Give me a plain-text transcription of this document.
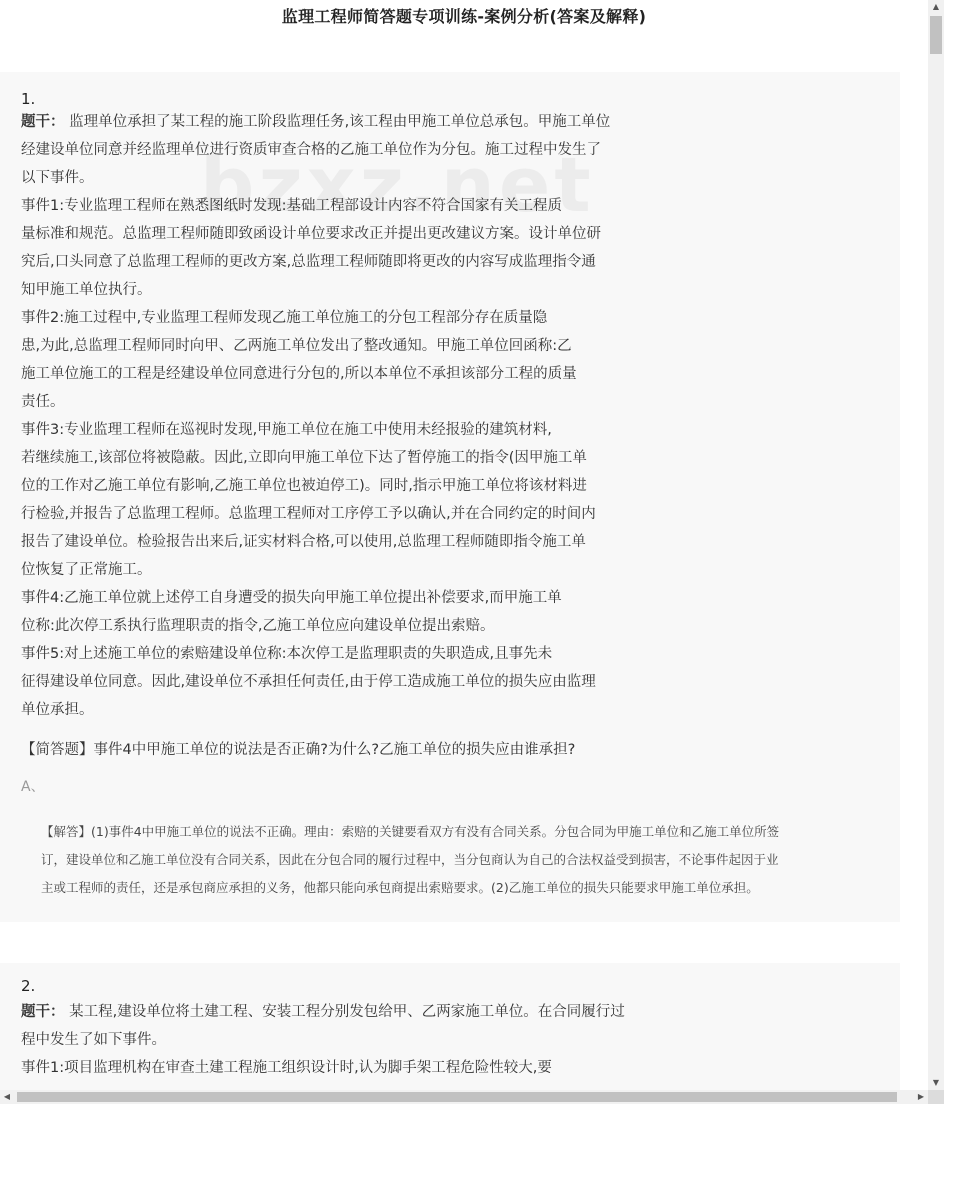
监理工程师简答题专项训练-案例分析(答案及解释)
1.
题干： 监理单位承担了某工程的施工阶段监理任务,该工程由甲施工单位总承包。甲施工单位
经建设单位同意并经监理单位进行资质审查合格的乙施工单位作为分包。施工过程中发生了
以下事件。
事件1:专业监理工程师在熟悉图纸时发现:基础工程部设计内容不符合国家有关工程质
量标准和规范。总监理工程师随即致函设计单位要求改正并提出更改建议方案。设计单位研
究后,口头同意了总监理工程师的更改方案,总监理工程师随即将更改的内容写成监理指令通
知甲施工单位执行。
事件2:施工过程中,专业监理工程师发现乙施工单位施工的分包工程部分存在质量隐
患,为此,总监理工程师同时向甲、乙两施工单位发出了整改通知。甲施工单位回函称:乙
施工单位施工的工程是经建设单位同意进行分包的,所以本单位不承担该部分工程的质量
责任。
事件3:专业监理工程师在巡视时发现,甲施工单位在施工中使用未经报验的建筑材料,
若继续施工,该部位将被隐蔽。因此,立即向甲施工单位下达了暂停施工的指令(因甲施工单
位的工作对乙施工单位有影响,乙施工单位也被迫停工)。同时,指示甲施工单位将该材料进
行检验,并报告了总监理工程师。总监理工程师对工序停工予以确认,并在合同约定的时间内
报告了建设单位。检验报告出来后,证实材料合格,可以使用,总监理工程师随即指令施工单
位恢复了正常施工。
事件4:乙施工单位就上述停工自身遭受的损失向甲施工单位提出补偿要求,而甲施工单
位称:此次停工系执行监理职责的指令,乙施工单位应向建设单位提出索赔。
事件5:对上述施工单位的索赔建设单位称:本次停工是监理职责的失职造成,且事先未
征得建设单位同意。因此,建设单位不承担任何责任,由于停工造成施工单位的损失应由监理
单位承担。
【简答题】事件4中甲施工单位的说法是否正确?为什么?乙施工单位的损失应由谁承担?
A、
【解答】(1)事件4中甲施工单位的说法不正确。理由：索赔的关键要看双方有没有合同关系。分包合同为甲施工单位和乙施工单位所签
订，建设单位和乙施工单位没有合同关系，因此在分包合同的履行过程中，当分包商认为自己的合法权益受到损害，不论事件起因于业
主或工程师的责任，还是承包商应承担的义务，他都只能向承包商提出索赔要求。(2)乙施工单位的损失只能要求甲施工单位承担。
2.
题干： 某工程,建设单位将土建工程、安装工程分别发包给甲、乙两家施工单位。在合同履行过
程中发生了如下事件。
事件1:项目监理机构在审查土建工程施工组织设计时,认为脚手架工程危险性较大,要
▲
▼
◀	▶
